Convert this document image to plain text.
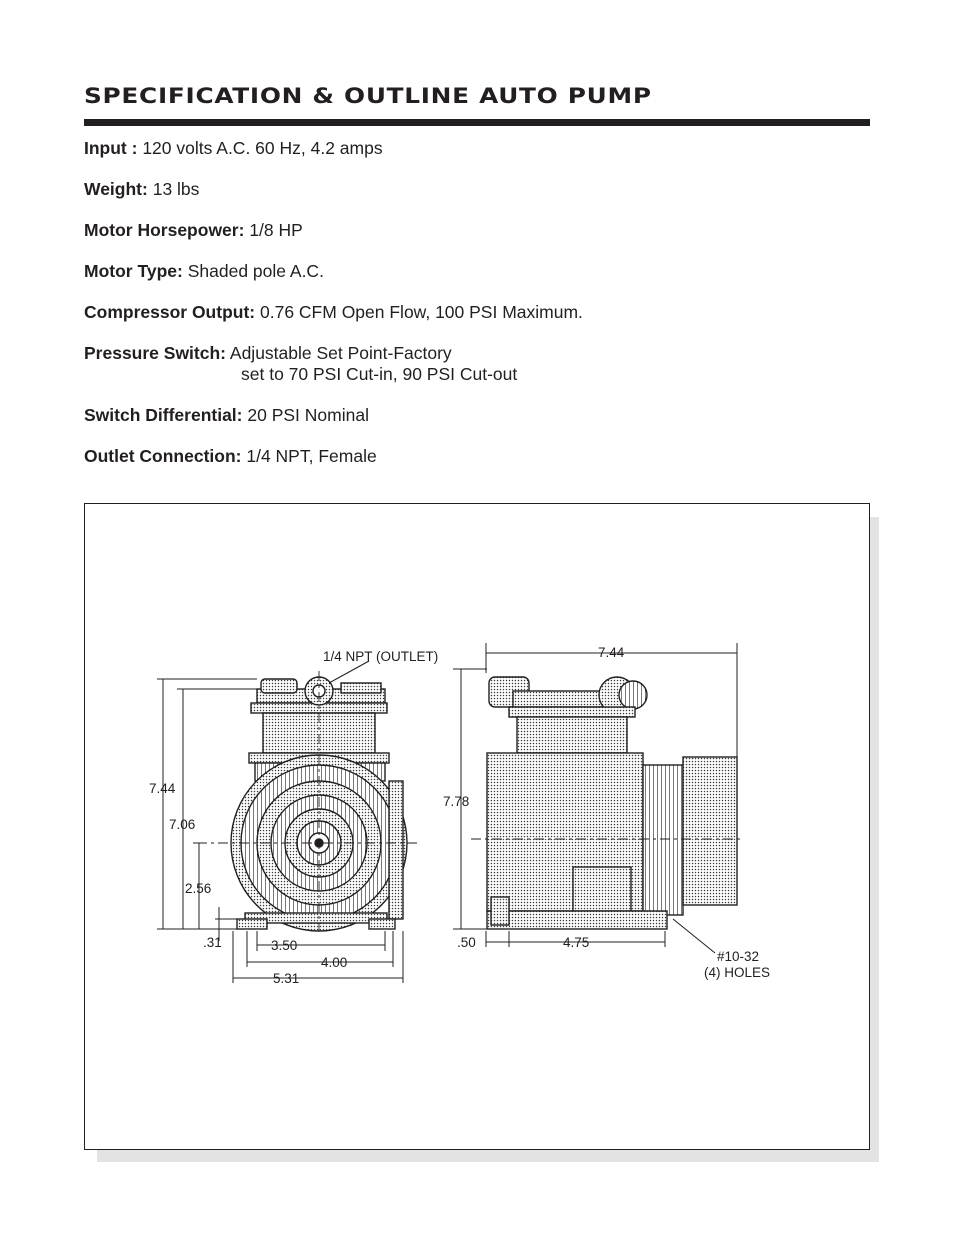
SPECIFICATION & OUTLINE AUTO PUMP
Input : 120 volts A.C. 60 Hz, 4.2 amps
Weight: 13 lbs
Motor Horsepower: 1/8 HP
Motor Type: Shaded pole A.C.
Compressor Output: 0.76 CFM Open Flow, 100 PSI Maximum.
Pressure Switch: Adjustable Set Point-Factory
set to 70 PSI Cut-in, 90 PSI Cut-out
Switch Differential: 20 PSI Nominal
Outlet Connection: 1/4 NPT, Female
1/4 NPT (OUTLET)
7.44
7.06
2.56
.31	3.50
4.00
5.31
7.44
7.78
.50	4.75
#10-32
(4) HOLES
